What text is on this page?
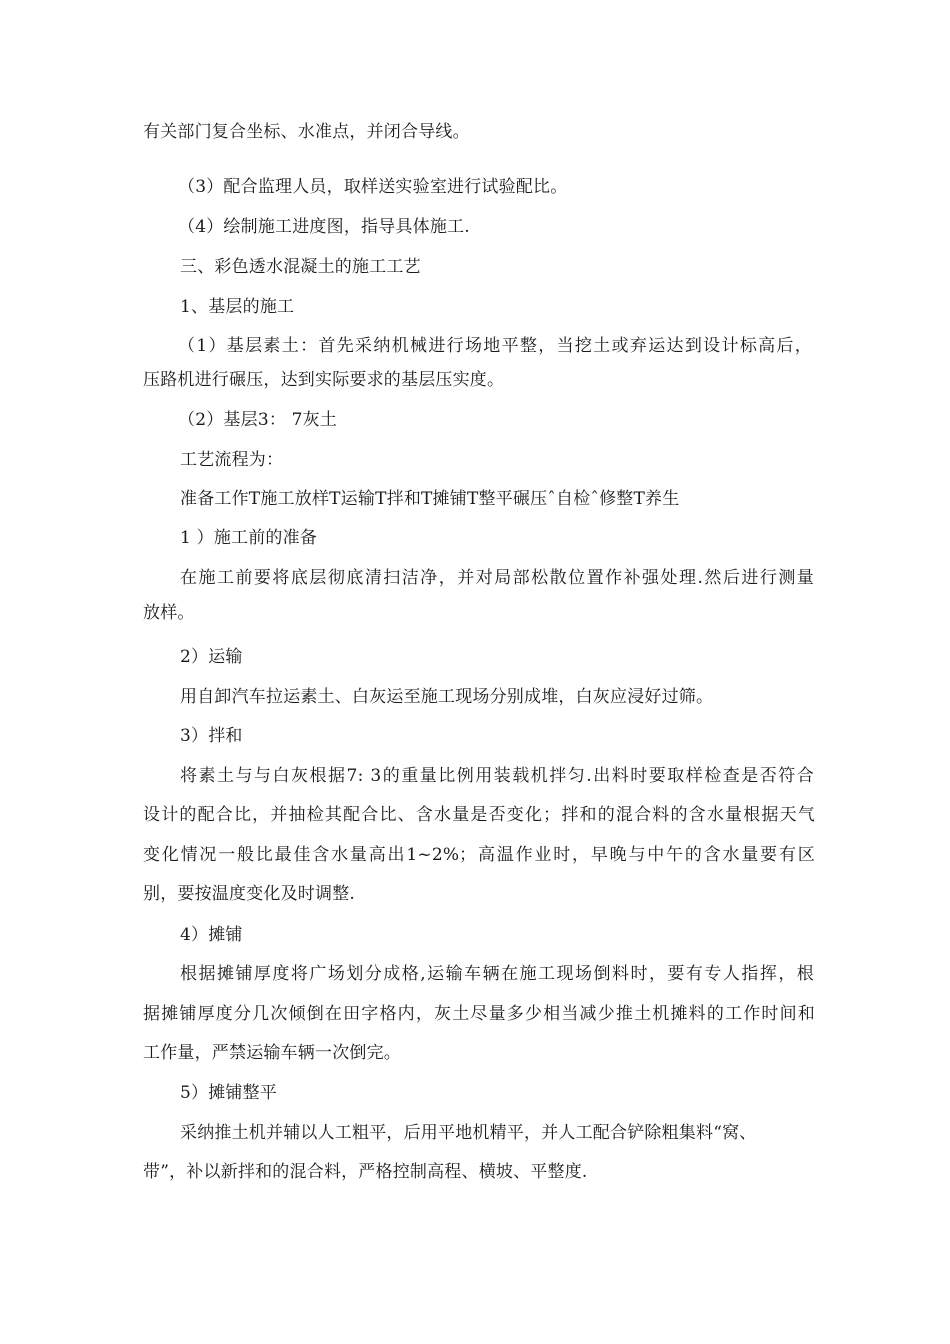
有关部门复合坐标、水准点，并闭合导线。
（3）配合监理人员，取样送实验室进行试验配比。
（4）绘制施工进度图，指导具体施工.
三、彩色透水混凝土的施工工艺
1、基层的施工
（1）基层素土：首先采纳机械进行场地平整，当挖土或弃运达到设计标高后，
压路机进行碾压，达到实际要求的基层压实度。
（2）基层3： 7灰土
工艺流程为：
准备工作T施工放样T运输T拌和T摊铺T整平碾压ˆ自检ˆ修整T养生
1 ）施工前的准备
在施工前要将底层彻底清扫洁净，并对局部松散位置作补强处理.然后进行测量
放样。
2）运输
用自卸汽车拉运素土、白灰运至施工现场分别成堆，白灰应浸好过筛。
3）拌和
将素土与与白灰根据7: 3的重量比例用装载机拌匀.出料时要取样检查是否符合
设计的配合比，并抽检其配合比、含水量是否变化；拌和的混合料的含水量根据天气
变化情况一般比最佳含水量高出1~2%；高温作业时，早晚与中午的含水量要有区
别，要按温度变化及时调整.
4）摊铺
根据摊铺厚度将广场划分成格,运输车辆在施工现场倒料时，要有专人指挥，根
据摊铺厚度分几次倾倒在田字格内，灰土尽量多少相当减少推土机摊料的工作时间和
工作量，严禁运输车辆一次倒完。
5）摊铺整平
采纳推土机并辅以人工粗平，后用平地机精平，并人工配合铲除粗集料“窝、
带”，补以新拌和的混合料，严格控制高程、横坡、平整度.
